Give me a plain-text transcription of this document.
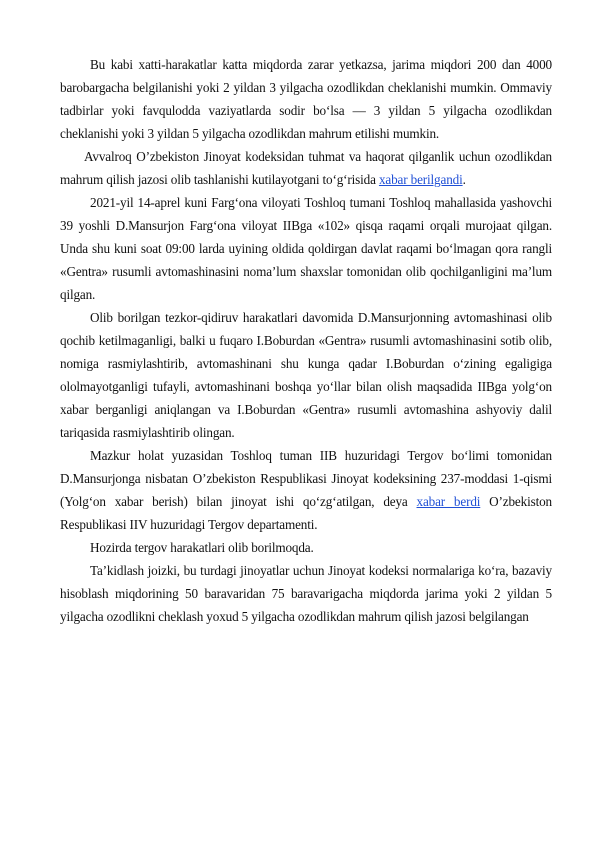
Bu kabi xatti-harakatlar katta miqdorda zarar yetkazsa, jarima miqdori 200 dan 4000 barobargacha belgilanishi yoki 2 yildan 3 yilgacha ozodlikdan cheklanishi mumkin. Ommaviy tadbirlar yoki favqulodda vaziyatlarda sodir bo‘lsa — 3 yildan 5 yilgacha ozodlikdan cheklanishi yoki 3 yildan 5 yilgacha ozodlikdan mahrum etilishi mumkin.

Avvalroq O’zbekiston Jinoyat kodeksidan tuhmat va haqorat qilganlik uchun ozodlikdan mahrum qilish jazosi olib tashlanishi kutilayotgani to‘g‘risida xabar berilgandi.

2021-yil 14-aprel kuni Farg‘ona viloyati Toshloq tumani Toshloq mahallasida yashovchi 39 yoshli D.Mansurjon Farg‘ona viloyat IIBga «102» qisqa raqami orqali murojaat qilgan. Unda shu kuni soat 09:00 larda uyining oldida qoldirgan davlat raqami bo‘lmagan qora rangli «Gentra» rusumli avtomashinasini noma’lum shaxslar tomonidan olib qochilganligini ma’lum qilgan.

Olib borilgan tezkor-qidiruv harakatlari davomida D.Mansurjonning avtomashinasi olib qochib ketilmaganligi, balki u fuqaro I.Boburdan «Gentra» rusumli avtomashinasini sotib olib, nomiga rasmiylashtirib, avtomashinani shu kunga qadar I.Boburdan o‘zining egaligiga ololmayotganligi tufayli, avtomashinani boshqa yo‘llar bilan olish maqsadida IIBga yolg‘on xabar berganligi aniqlangan va I.Boburdan «Gentra» rusumli avtomashina ashyoviy dalil tariqasida rasmiylashtirib olingan.

Mazkur holat yuzasidan Toshloq tuman IIB huzuridagi Tergov bo‘limi tomonidan D.Mansurjonga nisbatan O’zbekiston Respublikasi Jinoyat kodeksining 237-moddasi 1-qismi (Yolg‘on xabar berish) bilan jinoyat ishi qo‘zg‘atilgan, deya xabar berdi O’zbekiston Respublikasi IIV huzuridagi Tergov departamenti.

Hozirda tergov harakatlari olib borilmoqda.

Ta’kidlash joizki, bu turdagi jinoyatlar uchun Jinoyat kodeksi normalariga ko‘ra, bazaviy hisoblash miqdorining 50 baravaridan 75 baravarigacha miqdorda jarima yoki 2 yildan 5 yilgacha ozodlikni cheklash yoxud 5 yilgacha ozodlikdan mahrum qilish jazosi belgilangan
